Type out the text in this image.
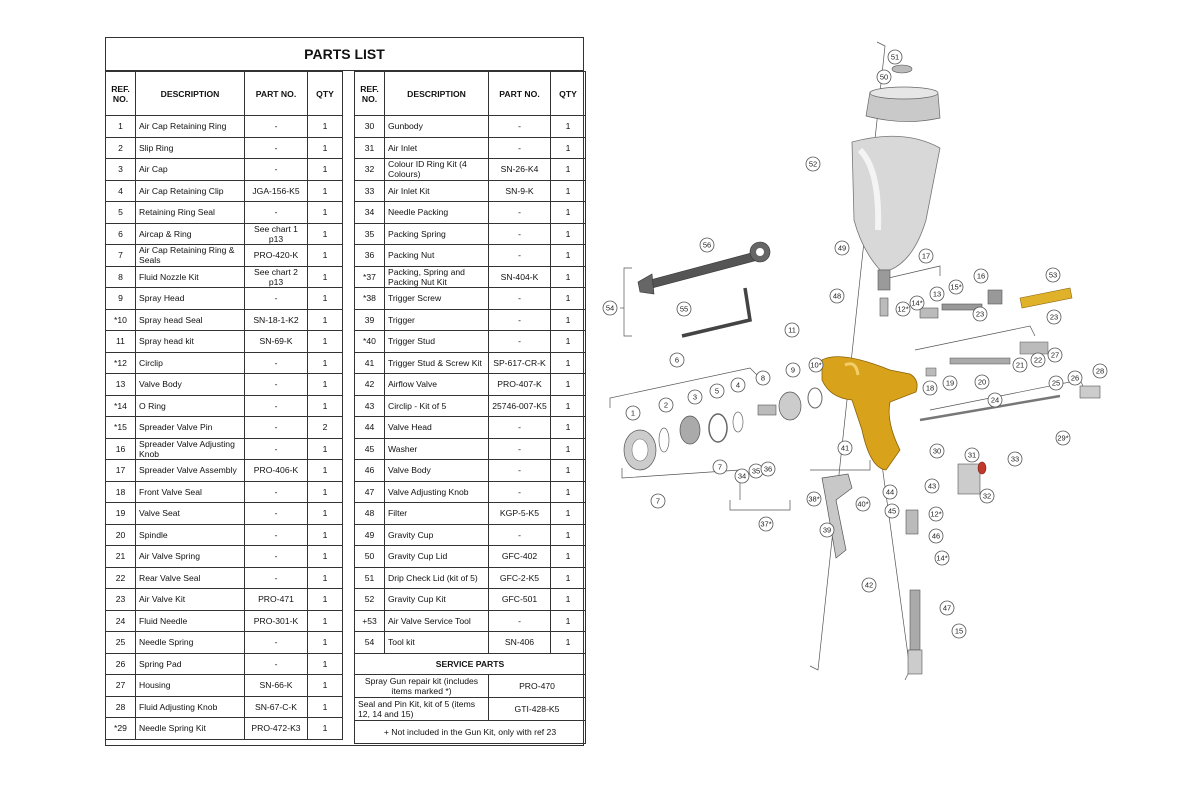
PARTS LIST
REF. NO.	DESCRIPTION	PART NO.	QTY
1	Air Cap Retaining Ring	-	1
2	Slip Ring	-	1
3	Air Cap	-	1
4	Air Cap Retaining Clip	JGA-156-K5	1
5	Retaining Ring Seal	-	1
6	Aircap & Ring	See chart 1 p13	1
7	Air Cap Retaining Ring & Seals	PRO-420-K	1
8	Fluid Nozzle Kit	See chart 2 p13	1
9	Spray Head	-	1
*10	Spray head Seal	SN-18-1-K2	1
11	Spray head kit	SN-69-K	1
*12	Circlip	-	1
13	Valve Body	-	1
*14	O Ring	-	1
*15	Spreader Valve Pin	-	2
16	Spreader Valve Adjusting Knob	-	1
17	Spreader Valve Assembly	PRO-406-K	1
18	Front Valve Seal	-	1
19	Valve Seat	-	1
20	Spindle	-	1
21	Air Valve Spring	-	1
22	Rear Valve Seal	-	1
23	Air Valve Kit	PRO-471	1
24	Fluid Needle	PRO-301-K	1
25	Needle Spring	-	1
26	Spring Pad	-	1
27	Housing	SN-66-K	1
28	Fluid Adjusting Knob	SN-67-C-K	1
*29	Needle Spring Kit	PRO-472-K3	1
REF. NO.	DESCRIPTION	PART NO.	QTY
30	Gunbody	-	1
31	Air Inlet	-	1
32	Colour ID Ring Kit (4 Colours)	SN-26-K4	1
33	Air Inlet Kit	SN-9-K	1
34	Needle Packing	-	1
35	Packing Spring	-	1
36	Packing Nut	-	1
*37	Packing, Spring and Packing Nut Kit	SN-404-K	1
*38	Trigger Screw	-	1
39	Trigger	-	1
*40	Trigger Stud	-	1
41	Trigger Stud & Screw Kit	SP-617-CR-K	1
42	Airflow Valve	PRO-407-K	1
43	Circlip - Kit of 5	25746-007-K5	1
44	Valve Head	-	1
45	Washer	-	1
46	Valve Body	-	1
47	Valve Adjusting Knob	-	1
48	Filter	KGP-5-K5	1
49	Gravity Cup	-	1
50	Gravity Cup Lid	GFC-402	1
51	Drip Check Lid (kit of 5)	GFC-2-K5	1
52	Gravity Cup Kit	GFC-501	1
+53	Air Valve Service Tool	-	1
54	Tool kit	SN-406	1
SERVICE PARTS			
Spray Gun repair kit (includes items marked *)		PRO-470	
Seal and Pin Kit, kit of 5 (items 12, 14 and 15)		GTI-428-K5	
+ Not included in the Gun Kit, only with ref 23			
51
50
52
49
56
48
54	55
11
9
10*
8
6
4
5
3
2
1
7
7
17
16
15*
14*
13
12*
53
23	23
18
19	20
21
22
27
28
26
25
24
29*
41
38*
40*
39
37*
34
35 36
30	31	33
32
43
44
45	12*
46
14*
47
15
42
